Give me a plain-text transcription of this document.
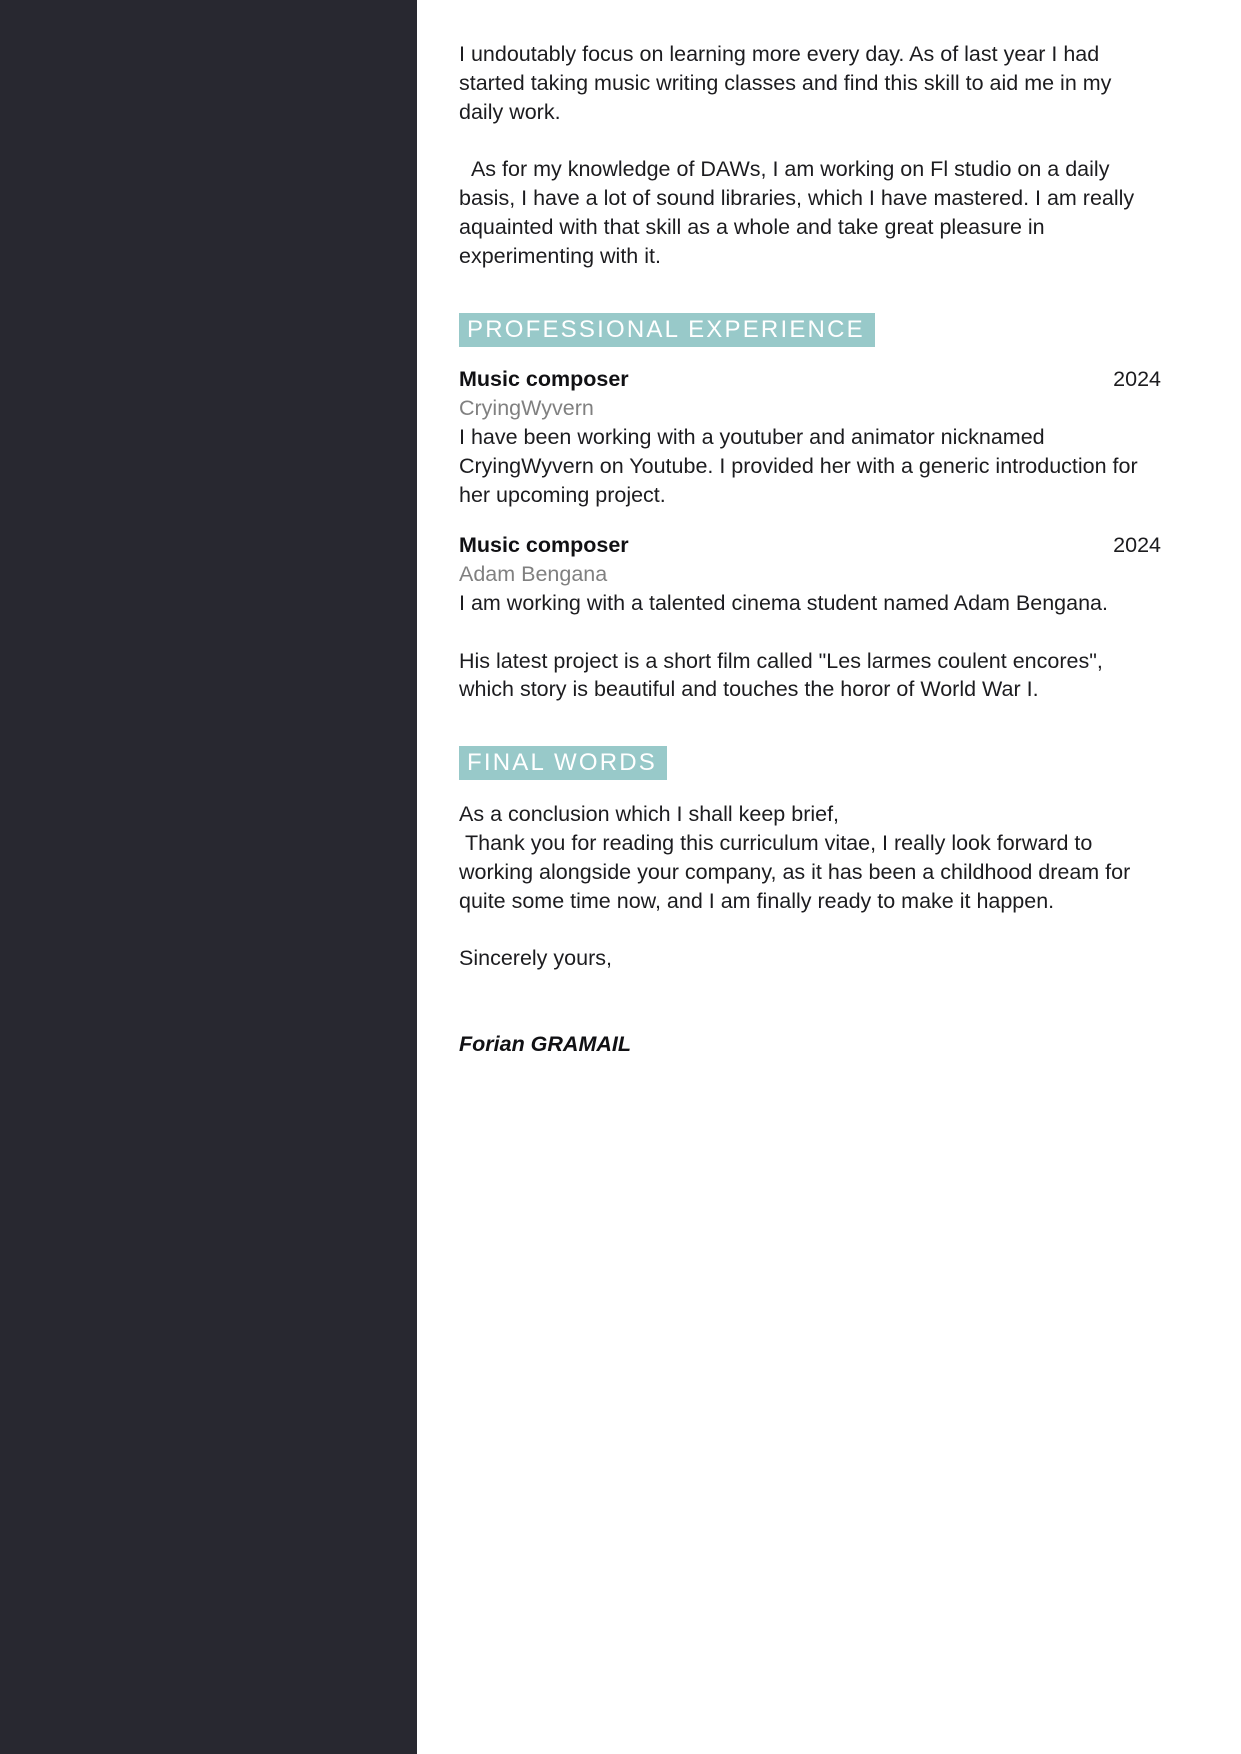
I undoutably focus on learning more every day. As of last year I had started taking music writing classes and find this skill to aid me in my daily work.

As for my knowledge of DAWs, I am working on Fl studio on a daily basis, I have a lot of sound libraries, which I have mastered. I am really aquainted with that skill as a whole and take great pleasure in experimenting with it.

PROFESSIONAL EXPERIENCE
Music composer	2024
CryingWyvern

I have been working with a youtuber and animator nicknamed CryingWyvern on Youtube. I provided her with a generic introduction for her upcoming project.

Music composer	2024
Adam Bengana

I am working with a talented cinema student named Adam Bengana.

His latest project is a short film called "Les larmes coulent encores", which story is beautiful and touches the horor of World War I.

FINAL WORDS
As a conclusion which I shall keep brief,
Thank you for reading this curriculum vitae, I really look forward to working alongside your company, as it has been a childhood dream for quite some time now, and I am finally ready to make it happen.

Sincerely yours,

Forian GRAMAIL
